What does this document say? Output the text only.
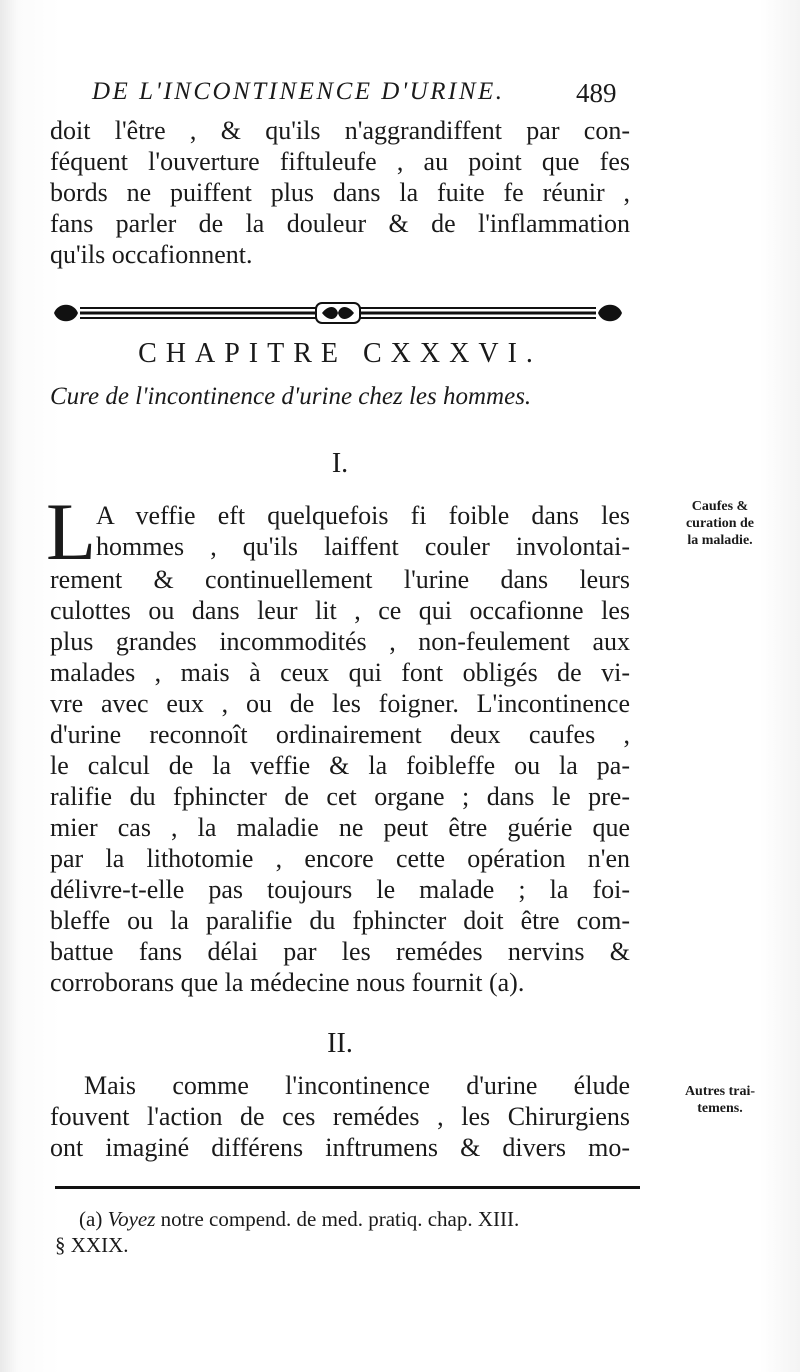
DE L'INCONTINENCE D'URINE.	489
doit l'être , & qu'ils n'aggrandiffent par con-
féquent l'ouverture fiftuleufe , au point que fes
bords ne puiffent plus dans la fuite fe réunir ,
fans parler de la douleur & de l'inflammation
qu'ils occafionnent.
CHAPITRE CXXXVI.
Cure de l'incontinence d'urine chez les hommes.
I.
L A veffie eft quelquefois fi foible dans les
hommes , qu'ils laiffent couler involontai-
rement & continuellement l'urine dans leurs
culottes ou dans leur lit , ce qui occafionne les
plus grandes incommodités , non-feulement aux
malades , mais à ceux qui font obligés de vi-
vre avec eux , ou de les foigner. L'incontinence
d'urine reconnoît ordinairement deux caufes ,
le calcul de la veffie & la foibleffe ou la pa-
ralifie du fphincter de cet organe ; dans le pre-
mier cas , la maladie ne peut être guérie que
par la lithotomie , encore cette opération n'en
délivre-t-elle pas toujours le malade ; la foi-
bleffe ou la paralifie du fphincter doit être com-
battue fans délai par les remédes nervins &
corroborans que la médecine nous fournit (a).
Caufes &
curation de
la maladie.
II.
Mais comme l'incontinence d'urine élude
fouvent l'action de ces remédes , les Chirurgiens
ont imaginé différens inftrumens & divers mo-
Autres trai-
temens.
(a) Voyez notre compend. de med. pratiq. chap. XIII.
§ XXIX.
